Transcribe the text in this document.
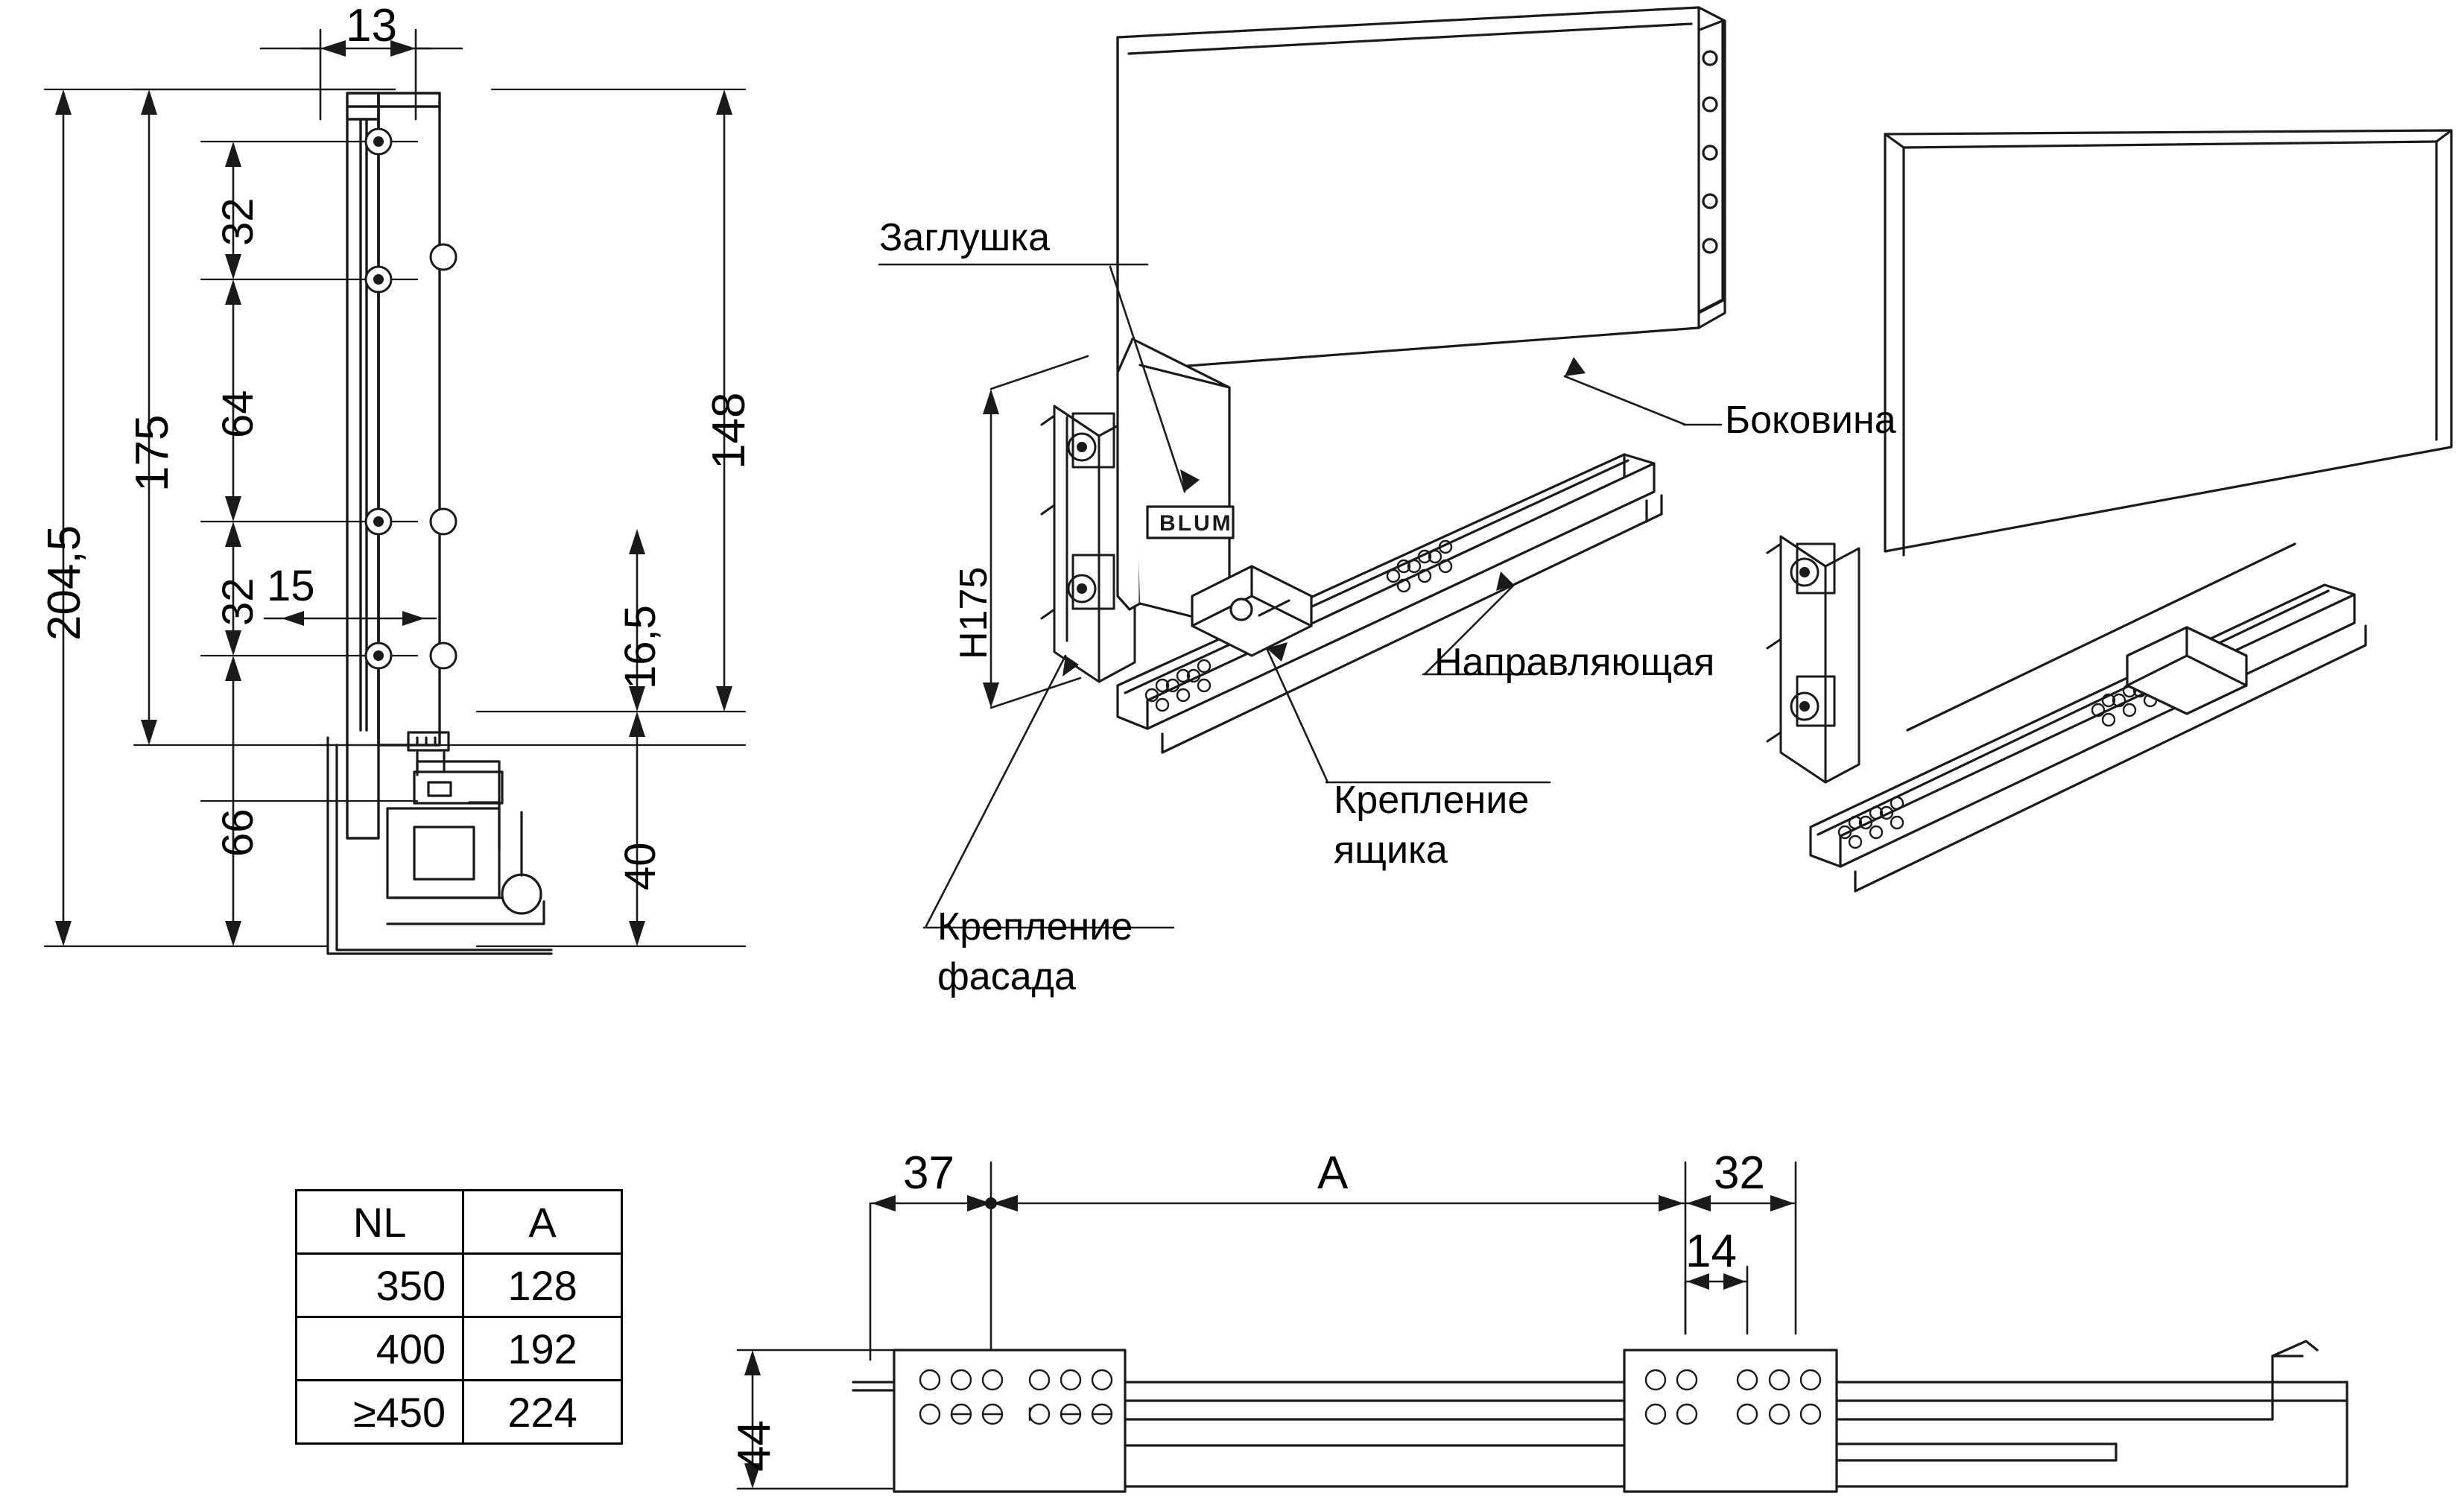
BLUM
204,5
175
32
64
32
66
13
15
148
16,5
40
Заглушка
Боковина
Направляющая
Крепление
ящика
Крепление
фасада
H175
37	A	32
14
44
NL	A
350	128
400	192
≥450	224
